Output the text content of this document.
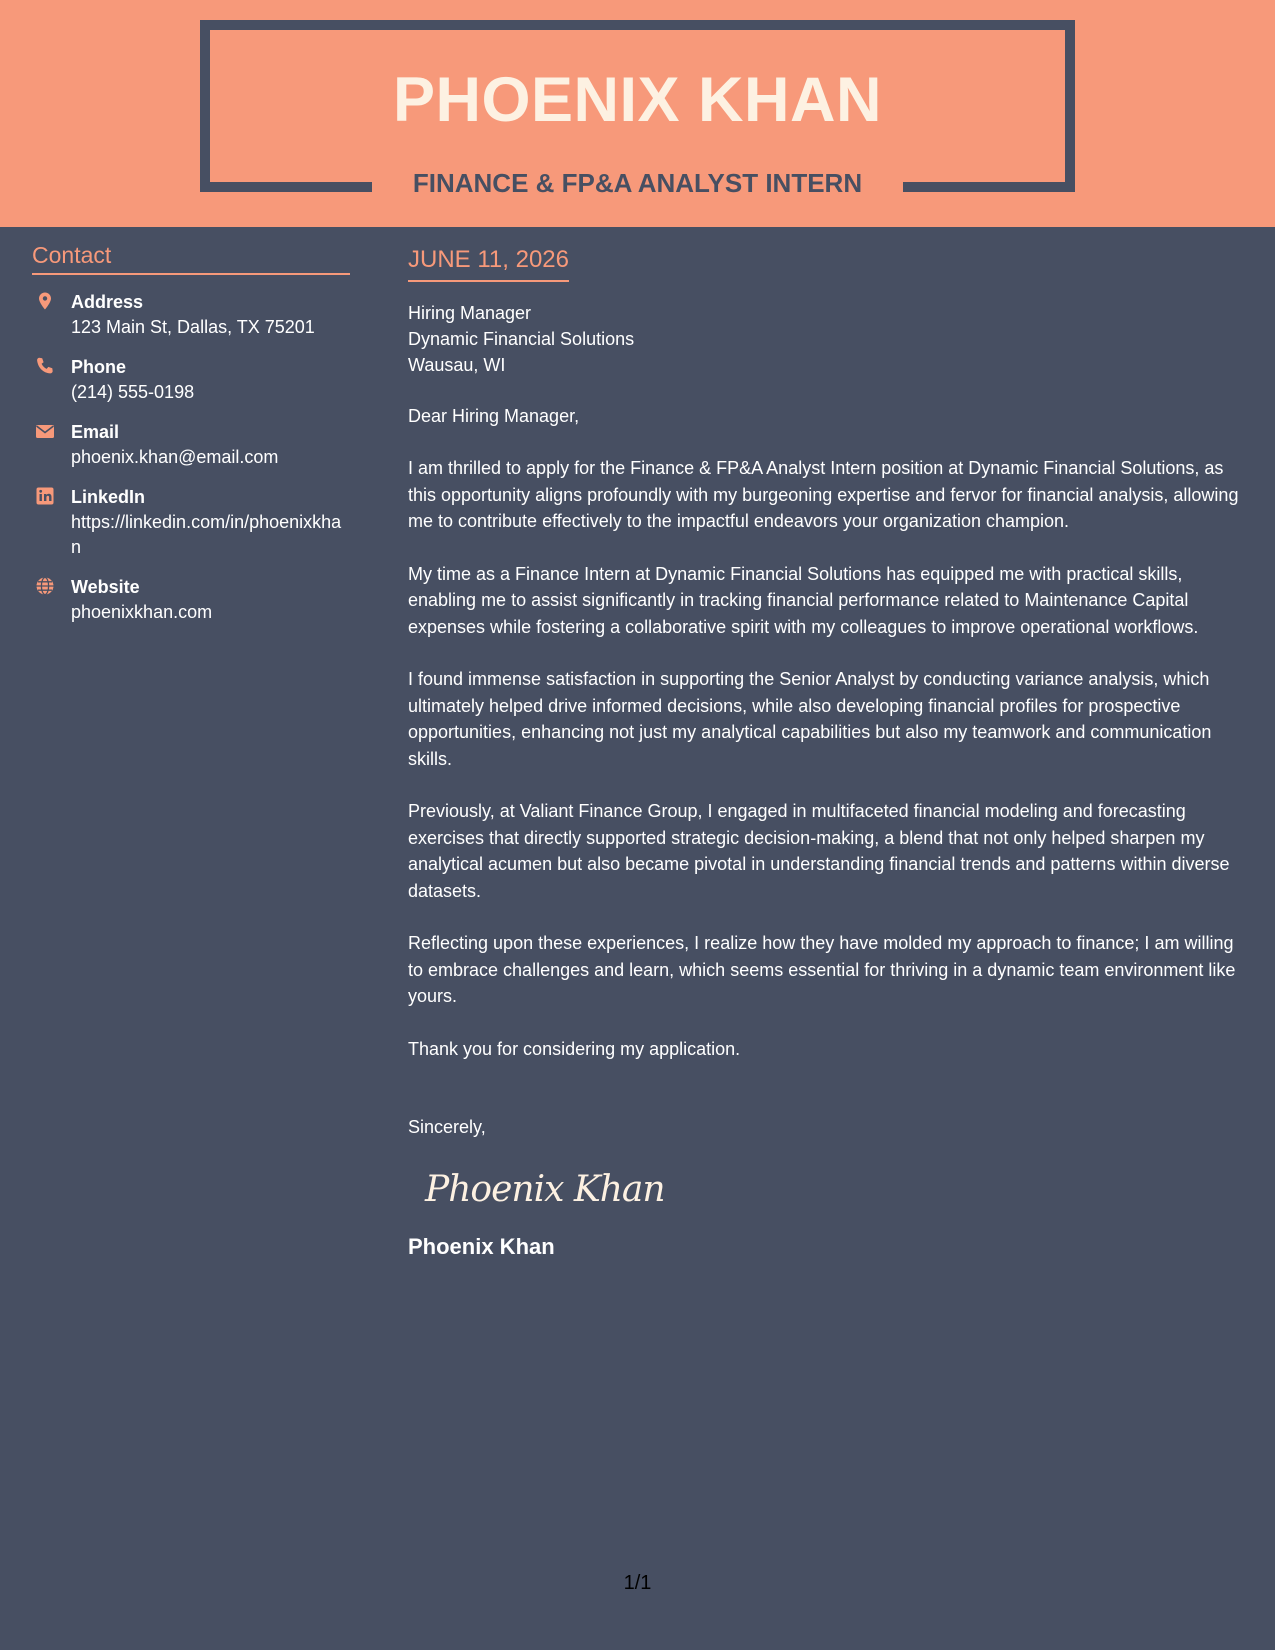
PHOENIX KHAN
FINANCE & FP&A ANALYST INTERN
Contact
Address
123 Main St, Dallas, TX 75201
Phone
(214) 555-0198
Email
phoenix.khan@email.com
LinkedIn
https://linkedin.com/in/phoenixkhan
Website
phoenixkhan.com
JUNE 11, 2026
Hiring Manager
Dynamic Financial Solutions
Wausau, WI
Dear Hiring Manager,
I am thrilled to apply for the Finance & FP&A Analyst Intern position at Dynamic Financial Solutions, as this opportunity aligns profoundly with my burgeoning expertise and fervor for financial analysis, allowing me to contribute effectively to the impactful endeavors your organization champion.
My time as a Finance Intern at Dynamic Financial Solutions has equipped me with practical skills, enabling me to assist significantly in tracking financial performance related to Maintenance Capital expenses while fostering a collaborative spirit with my colleagues to improve operational workflows.
I found immense satisfaction in supporting the Senior Analyst by conducting variance analysis, which ultimately helped drive informed decisions, while also developing financial profiles for prospective opportunities, enhancing not just my analytical capabilities but also my teamwork and communication skills.
Previously, at Valiant Finance Group, I engaged in multifaceted financial modeling and forecasting exercises that directly supported strategic decision-making, a blend that not only helped sharpen my analytical acumen but also became pivotal in understanding financial trends and patterns within diverse datasets.
Reflecting upon these experiences, I realize how they have molded my approach to finance; I am willing to embrace challenges and learn, which seems essential for thriving in a dynamic team environment like yours.
Thank you for considering my application.
Sincerely,
Phoenix Khan
Phoenix Khan
1/1
